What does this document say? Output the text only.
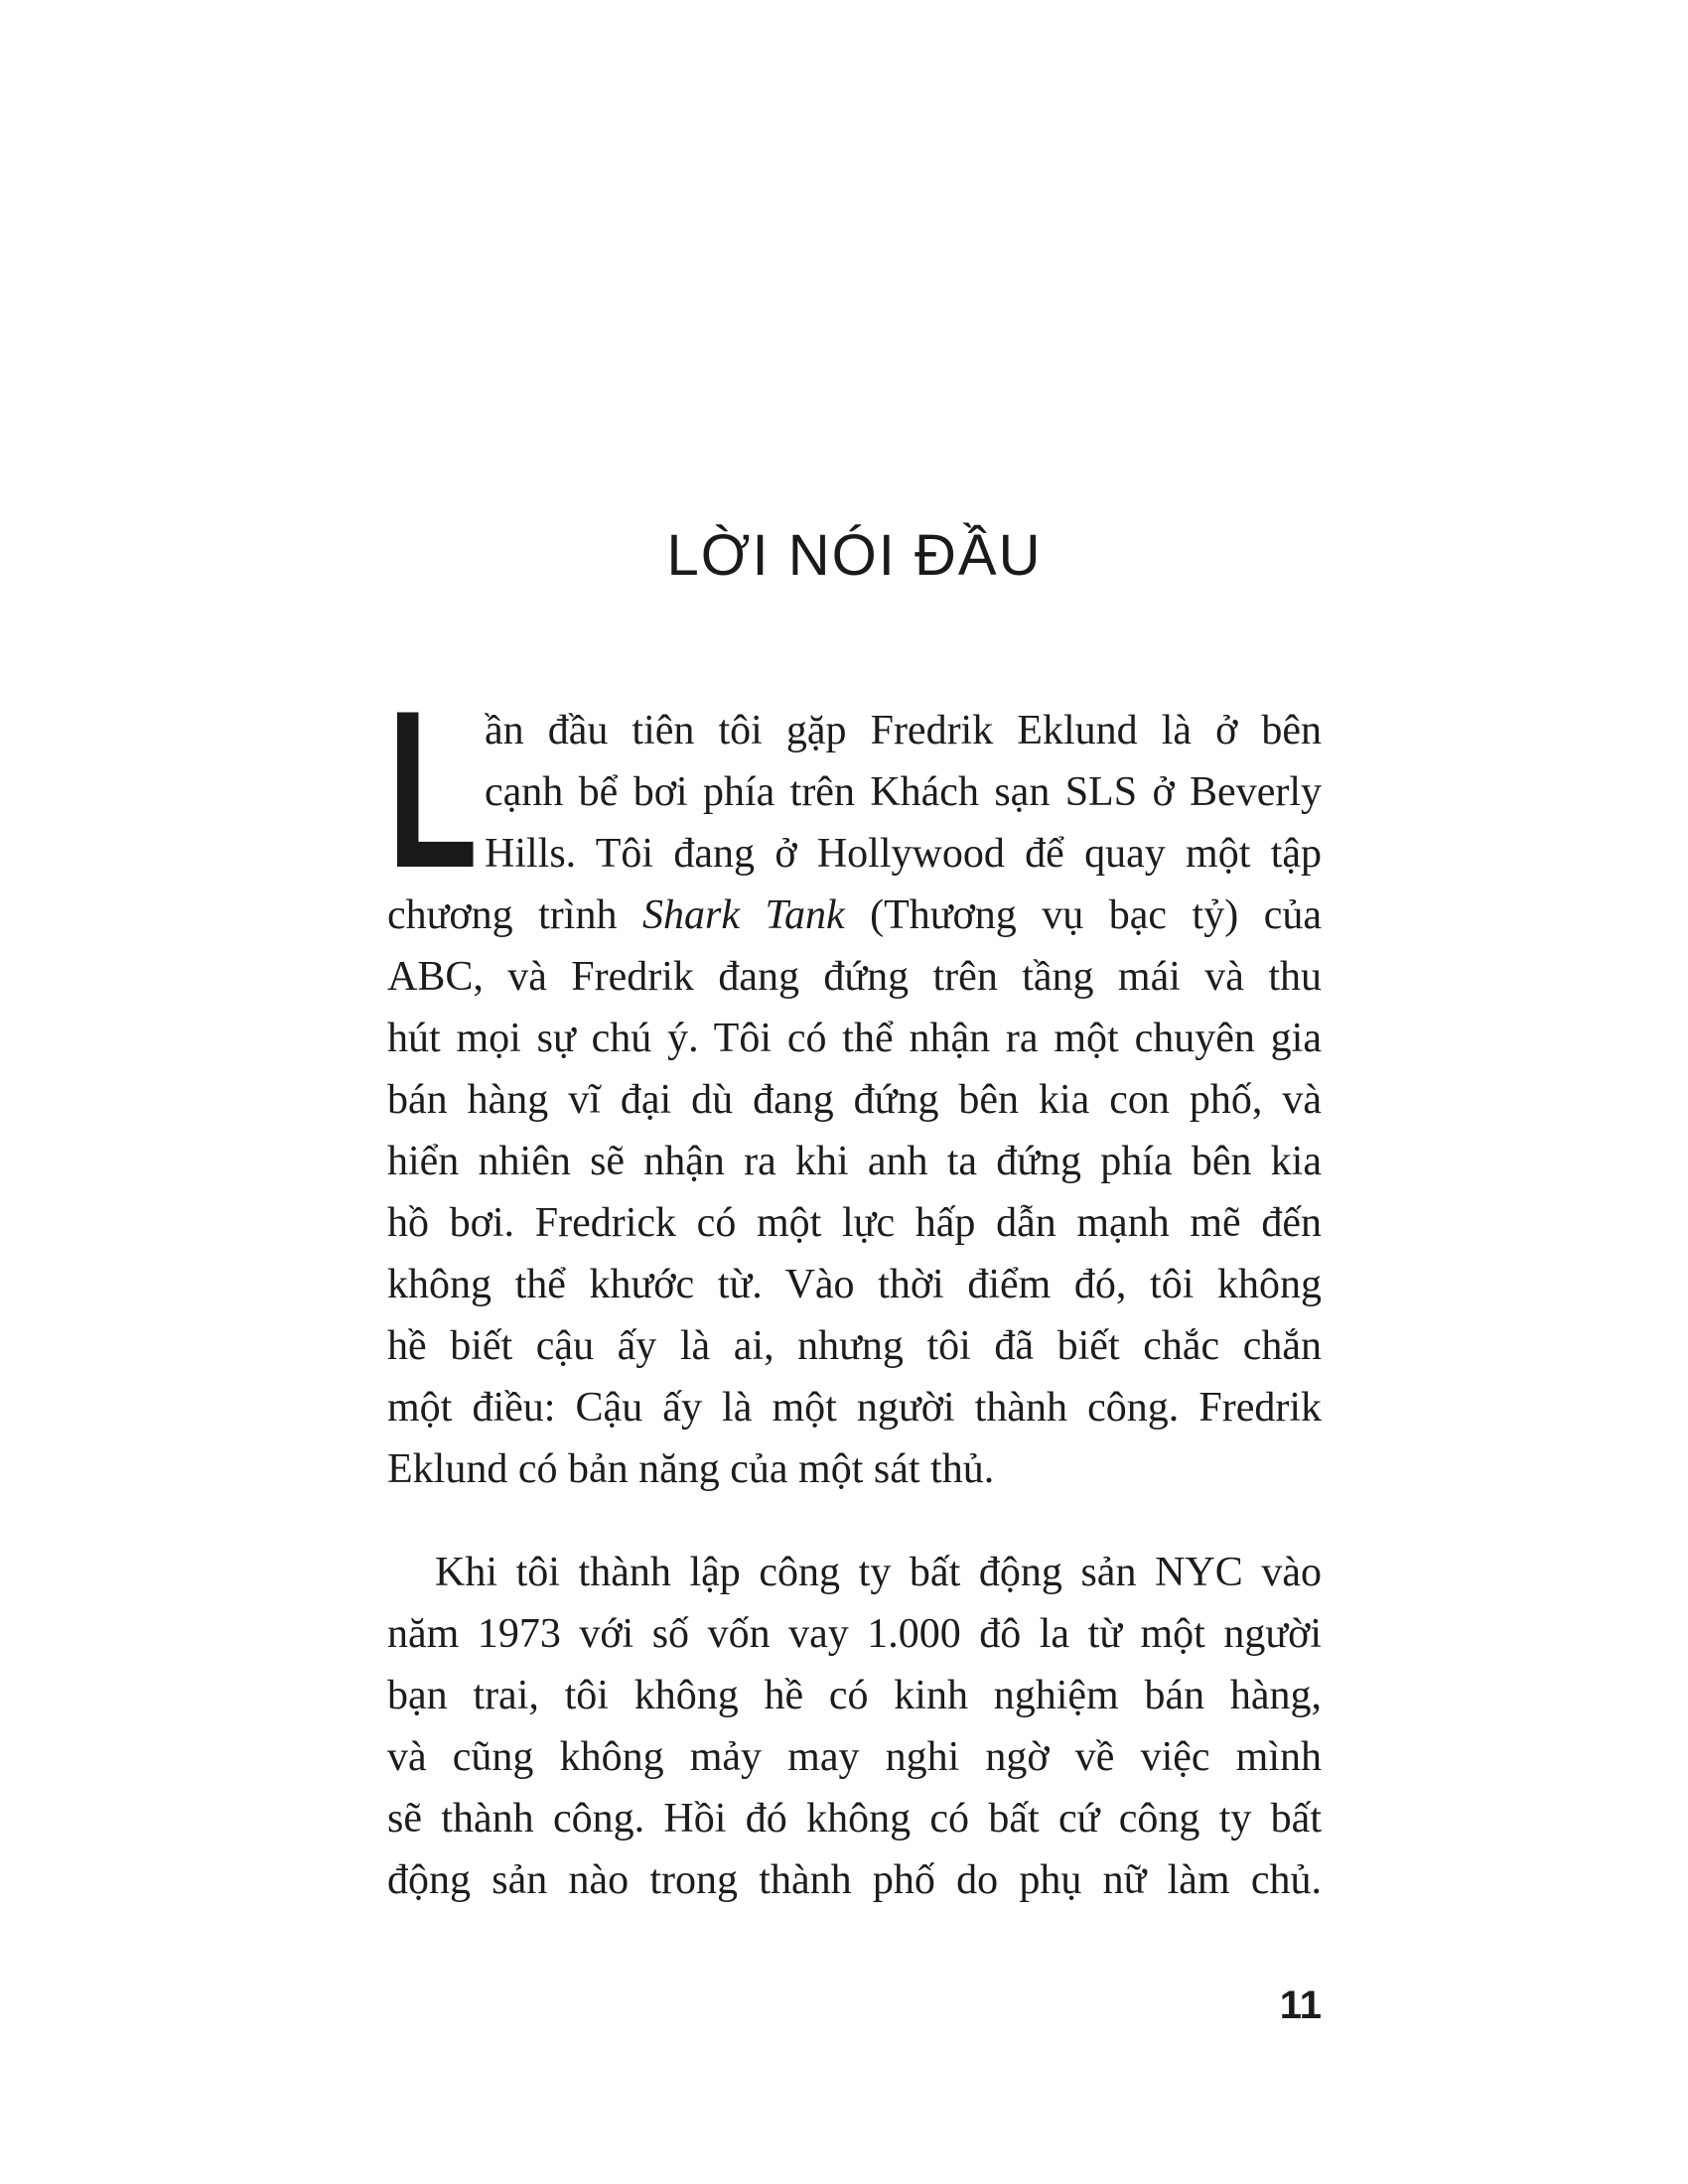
LỜI NÓI ĐẦU
L ần đầu tiên tôi gặp Fredrik Eklund là ở bên
cạnh bể bơi phía trên Khách sạn SLS ở Beverly
Hills. Tôi đang ở Hollywood để quay một tập
chương trình Shark Tank (Thương vụ bạc tỷ) của
ABC, và Fredrik đang đứng trên tầng mái và thu
hút mọi sự chú ý. Tôi có thể nhận ra một chuyên gia
bán hàng vĩ đại dù đang đứng bên kia con phố, và
hiển nhiên sẽ nhận ra khi anh ta đứng phía bên kia
hồ bơi. Fredrick có một lực hấp dẫn mạnh mẽ đến
không thể khước từ. Vào thời điểm đó, tôi không
hề biết cậu ấy là ai, nhưng tôi đã biết chắc chắn
một điều: Cậu ấy là một người thành công. Fredrik
Eklund có bản năng của một sát thủ.
Khi tôi thành lập công ty bất động sản NYC vào
năm 1973 với số vốn vay 1.000 đô la từ một người
bạn trai, tôi không hề có kinh nghiệm bán hàng,
và cũng không mảy may nghi ngờ về việc mình
sẽ thành công. Hồi đó không có bất cứ công ty bất
động sản nào trong thành phố do phụ nữ làm chủ.
11
